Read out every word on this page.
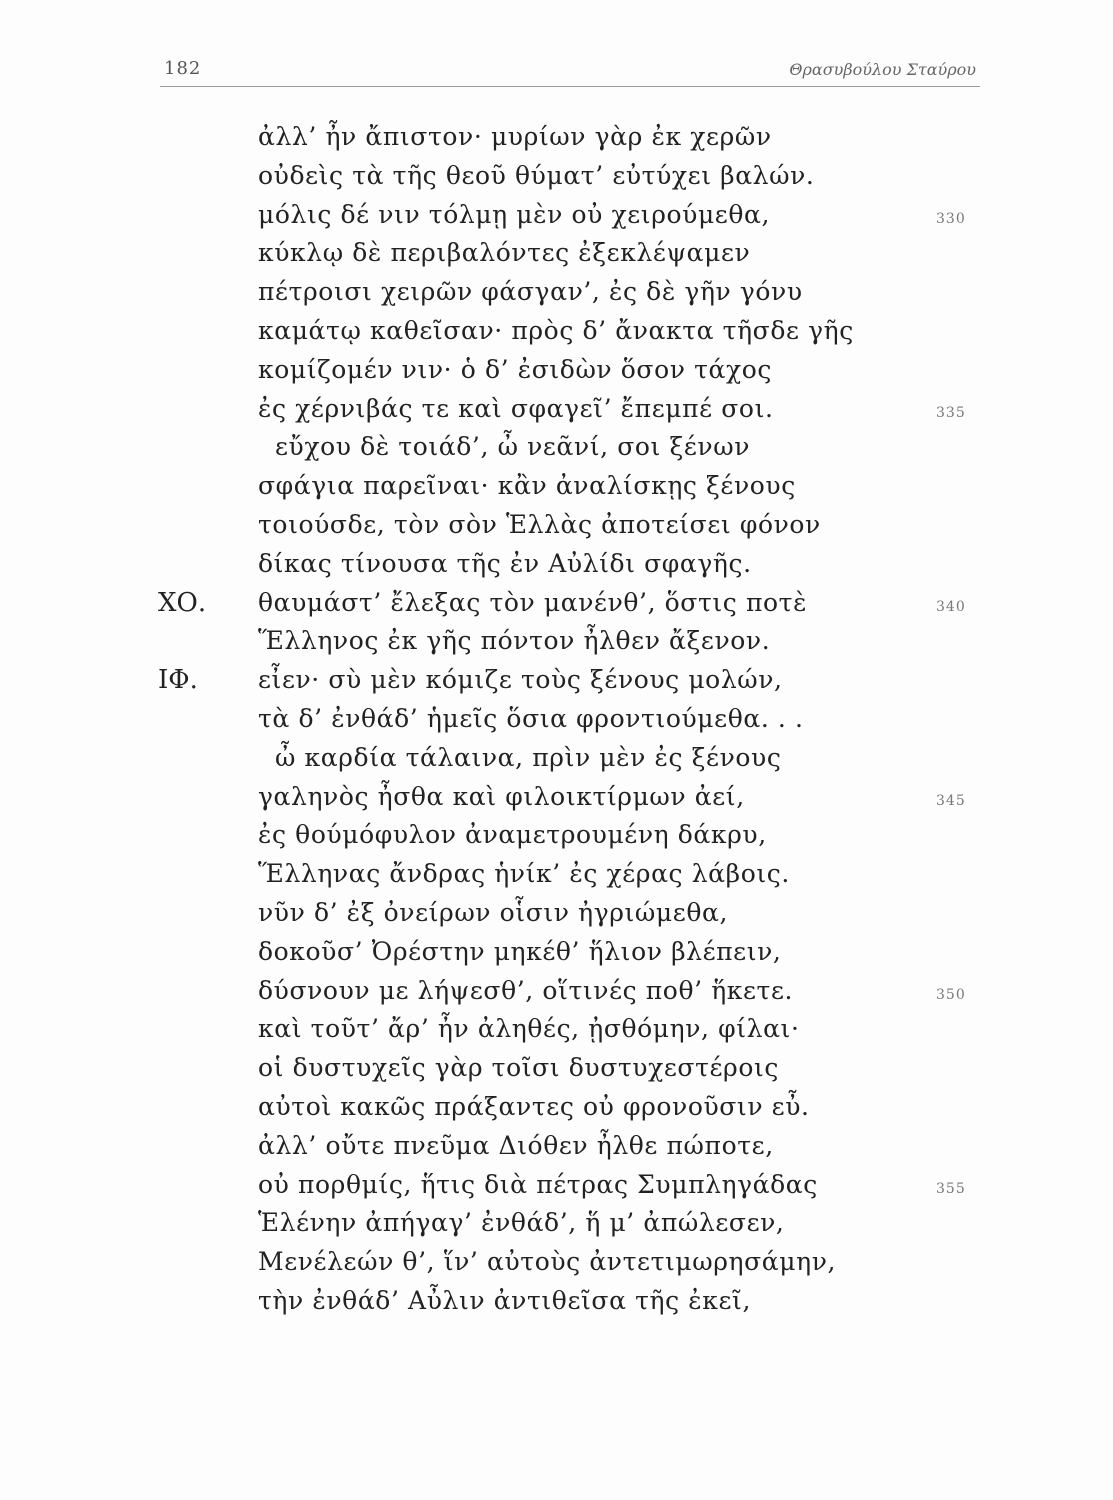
182	Θρασυβούλου Σταύρου
ἀλλ’ ἦν ἄπιστον· μυρίων γὰρ ἐκ χερῶν
οὐδεὶς τὰ τῆς θεοῦ θύματ’ εὐτύχει βαλών.
μόλις δέ νιν τόλμῃ μὲν οὐ χειρούμεθα,	330
κύκλῳ δὲ περιβαλόντες ἐξεκλέψαμεν
πέτροισι χειρῶν φάσγαν’, ἐς δὲ γῆν γόνυ
καμάτῳ καθεῖσαν· πρὸς δ’ ἄνακτα τῆσδε γῆς
κομίζομέν νιν· ὁ δ’ ἐσιδὼν ὅσον τάχος
ἐς χέρνιβάς τε καὶ σφαγεῖ’ ἔπεμπέ σοι.	335
εὔχου δὲ τοιάδ’, ὦ νεᾶνί, σοι ξένων
σφάγια παρεῖναι· κἂν ἀναλίσκῃς ξένους
τοιούσδε, τὸν σὸν Ἑλλὰς ἀποτείσει φόνον
δίκας τίνουσα τῆς ἐν Αὐλίδι σφαγῆς.
ΧΟ. θαυμάστ’ ἔλεξας τὸν μανένθ’, ὅστις ποτὲ	340
Ἕλληνος ἐκ γῆς πόντον ἦλθεν ἄξενον.
ΙΦ. εἶεν· σὺ μὲν κόμιζε τοὺς ξένους μολών,
τὰ δ’ ἐνθάδ’ ἡμεῖς ὅσια φροντιούμεθα. . .
ὦ καρδία τάλαινα, πρὶν μὲν ἐς ξένους
γαληνὸς ἦσθα καὶ φιλοικτίρμων ἀεί,	345
ἐς θούμόφυλον ἀναμετρουμένη δάκρυ,
Ἕλληνας ἄνδρας ἡνίκ’ ἐς χέρας λάβοις.
νῦν δ’ ἐξ ὀνείρων οἷσιν ἠγριώμεθα,
δοκοῦσ’ Ὀρέστην μηκέθ’ ἥλιον βλέπειν,
δύσνουν με λήψεσθ’, οἵτινές ποθ’ ἥκετε.	350
καὶ τοῦτ’ ἄρ’ ἦν ἀληθές, ᾐσθόμην, φίλαι·
οἱ δυστυχεῖς γὰρ τοῖσι δυστυχεστέροις
αὐτοὶ κακῶς πράξαντες οὐ φρονοῦσιν εὖ.
ἀλλ’ οὔτε πνεῦμα Διόθεν ἦλθε πώποτε,
οὐ πορθμίς, ἥτις διὰ πέτρας Συμπληγάδας	355
Ἑλένην ἀπήγαγ’ ἐνθάδ’, ἥ μ’ ἀπώλεσεν,
Μενέλεών θ’, ἵν’ αὐτοὺς ἀντετιμωρησάμην,
τὴν ἐνθάδ’ Αὖλιν ἀντιθεῖσα τῆς ἐκεῖ,
